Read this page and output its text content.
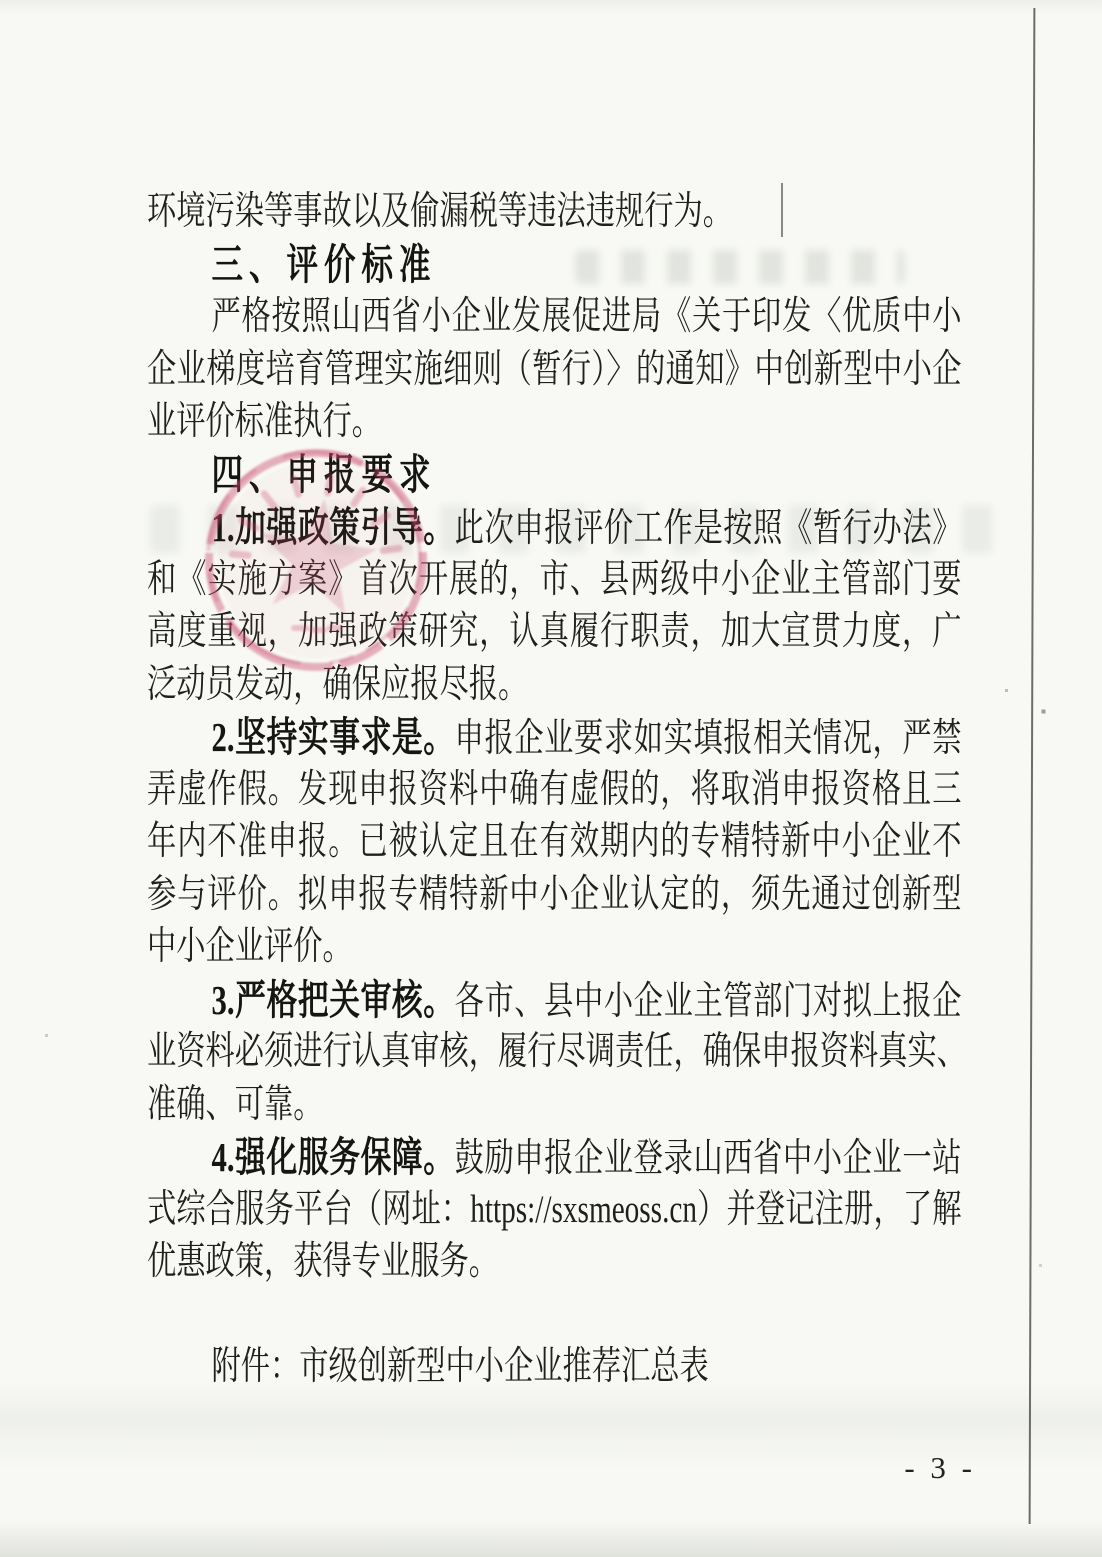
环境污染等事故以及偷漏税等违法违规行为。
三、评价标准
严格按照山西省小企业发展促进局《关于印发〈优质中小
企业梯度培育管理实施细则（暂行）〉的通知》中创新型中小企
业评价标准执行。
四、申报要求
1.加强政策引导。此次申报评价工作是按照《暂行办法》
和《实施方案》首次开展的，市、县两级中小企业主管部门要
高度重视，加强政策研究，认真履行职责，加大宣贯力度，广
泛动员发动，确保应报尽报。
2.坚持实事求是。申报企业要求如实填报相关情况，严禁
弄虚作假。发现申报资料中确有虚假的，将取消申报资格且三
年内不准申报。已被认定且在有效期内的专精特新中小企业不
参与评价。拟申报专精特新中小企业认定的，须先通过创新型
中小企业评价。
3.严格把关审核。各市、县中小企业主管部门对拟上报企
业资料必须进行认真审核，履行尽调责任，确保申报资料真实、
准确、可靠。
4.强化服务保障。鼓励申报企业登录山西省中小企业一站
式综合服务平台（网址：https://sxsmeoss.cn）并登记注册，了解
优惠政策，获得专业服务。
附件：市级创新型中小企业推荐汇总表
- 3 -
